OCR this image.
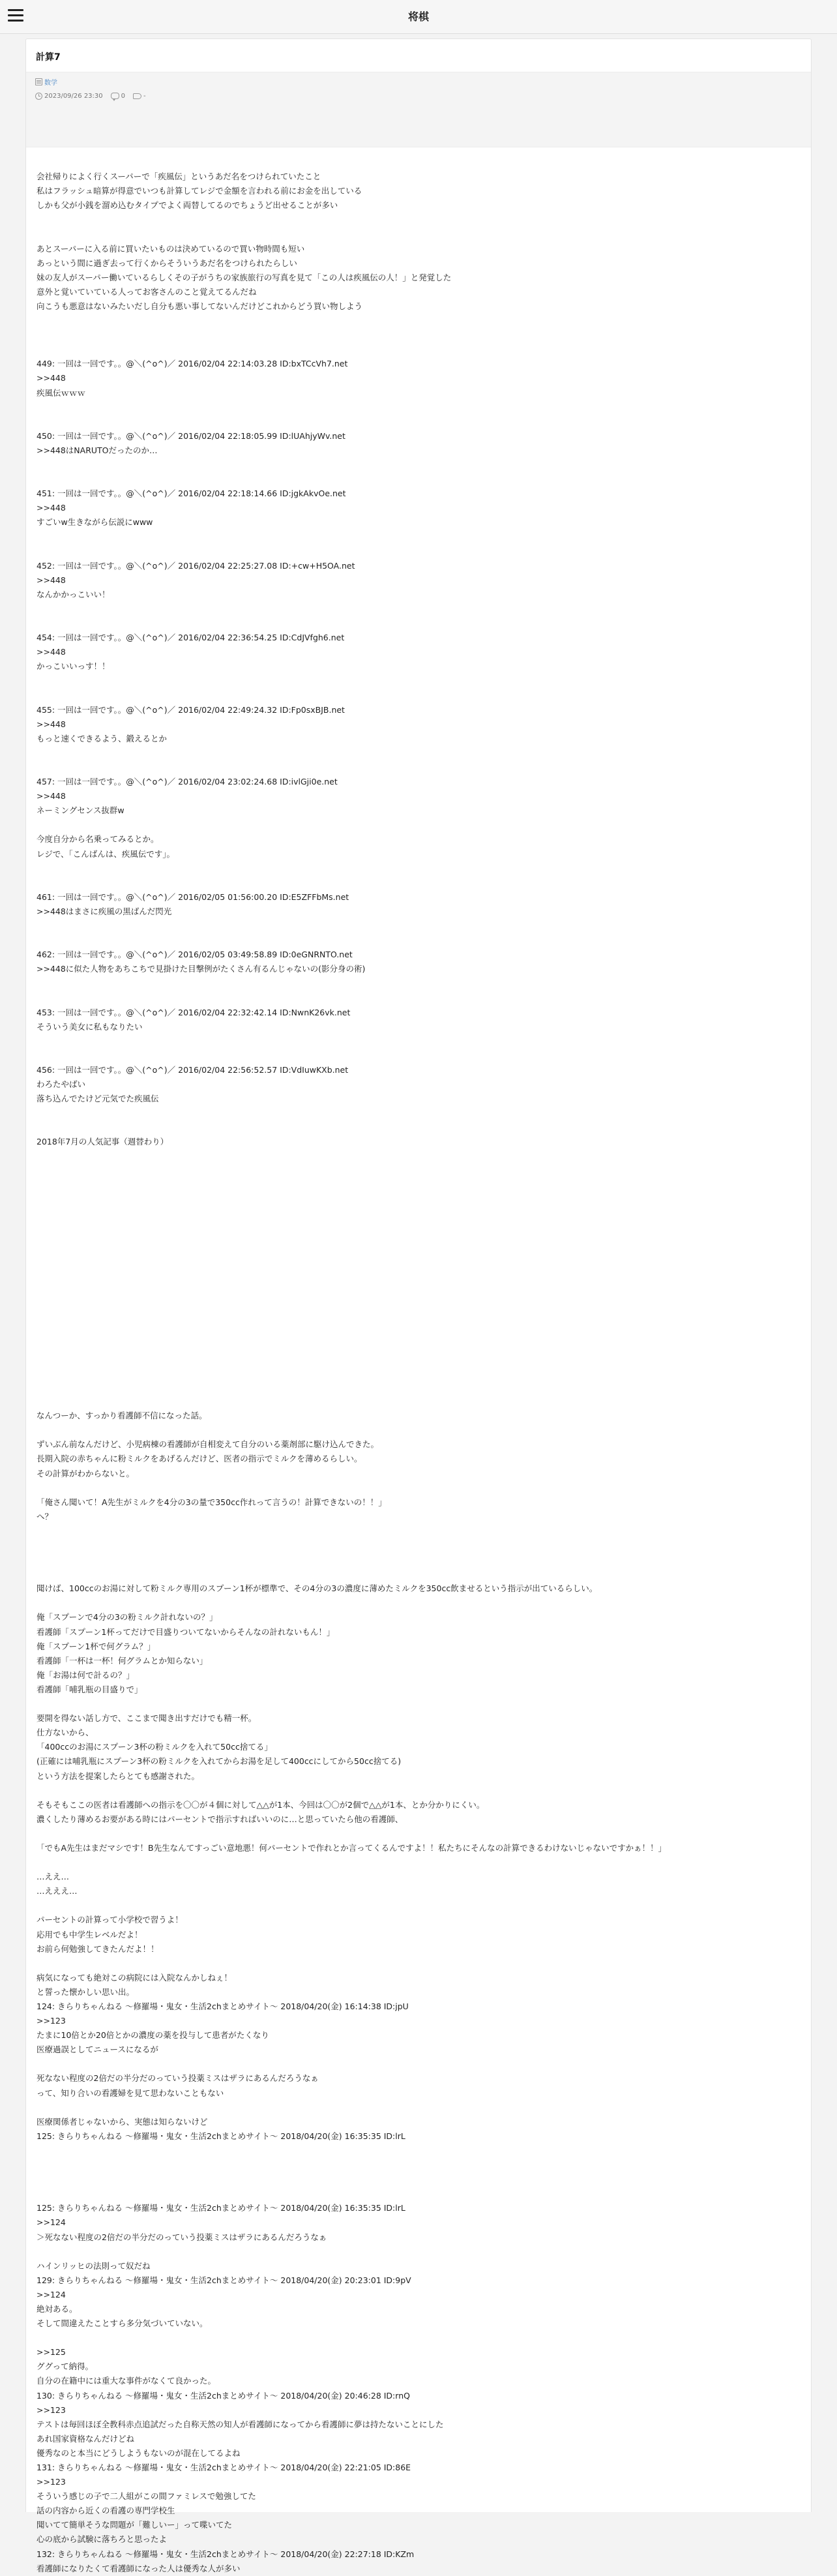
将棋
計算7
数学
2023/09/26 23:30	0	-

会社帰りによく行くスーパーで「疾風伝」というあだ名をつけられていたこと
私はフラッシュ暗算が得意でいつも計算してレジで金額を言われる前にお金を出している
しかも父が小銭を溜め込むタイプでよく両替してるのでちょうど出せることが多い

あとスーパーに入る前に買いたいものは決めているので買い物時間も短い
あっという間に過ぎ去って行くからそういうあだ名をつけられたらしい
妹の友人がスーパー働いているらしくその子がうちの家族旅行の写真を見て「この人は疾風伝の人！」と発覚した
意外と覚いていている人ってお客さんのこと覚えてるんだね
向こうも悪意はないみたいだし自分も悪い事してないんだけどこれからどう買い物しよう

449: 一回は一回です。。@＼(^o^)／ 2016/02/04 22:14:03.28 ID:bxTCcVh7.net
>>448
疾風伝ｗｗｗ

450: 一回は一回です。。@＼(^o^)／ 2016/02/04 22:18:05.99 ID:lUAhjyWv.net
>>448はNARUTOだったのか…

451: 一回は一回です。。@＼(^o^)／ 2016/02/04 22:18:14.66 ID:jgkAkvOe.net
>>448
すごいw生きながら伝説にwww

452: 一回は一回です。。@＼(^o^)／ 2016/02/04 22:25:27.08 ID:+cw+H5OA.net
>>448
なんかかっこいい！

454: 一回は一回です。。@＼(^o^)／ 2016/02/04 22:36:54.25 ID:CdJVfgh6.net
>>448
かっこいいっす！！

455: 一回は一回です。。@＼(^o^)／ 2016/02/04 22:49:24.32 ID:Fp0sxBJB.net
>>448
もっと速くできるよう、鍛えるとか

457: 一回は一回です。。@＼(^o^)／ 2016/02/04 23:02:24.68 ID:ivlGji0e.net
>>448
ネーミングセンス抜群w

今度自分から名乗ってみるとか。
レジで、「こんばんは、疾風伝です」。

461: 一回は一回です。。@＼(^o^)／ 2016/02/05 01:56:00.20 ID:E5ZFFbMs.net
>>448はまさに疾風の黒ばんだ閃光

462: 一回は一回です。。@＼(^o^)／ 2016/02/05 03:49:58.89 ID:0eGNRNTO.net
>>448に似た人物をあちこちで見掛けた目撃例がたくさん有るんじゃないの(影分身の術)

453: 一回は一回です。。@＼(^o^)／ 2016/02/04 22:32:42.14 ID:NwnK26vk.net
そういう美女に私もなりたい

456: 一回は一回です。。@＼(^o^)／ 2016/02/04 22:56:52.57 ID:VdIuwKXb.net
わろたやばい
落ち込んでたけど元気でた疾風伝

2018年7月の人気記事（週替わり）

なんつーか、すっかり看護師不信になった話。

ずいぶん前なんだけど、小児病棟の看護師が自相変えて自分のいる薬剤部に駆け込んできた。
長期入院の赤ちゃんに粉ミルクをあげるんだけど、医者の指示でミルクを薄めるらしい。
その計算がわからないと。

「俺さん聞いて！A先生がミルクを4分の3の量で350cc作れって言うの！計算できないの！！」
へ？

聞けば、100ccのお湯に対して粉ミルク専用のスプーン1杯が標準で、その4分の3の濃度に薄めたミルクを350cc飲ませるという指示が出ているらしい。

俺「スプーンで4分の3の粉ミルク計れないの？」
看護師「スプーン1杯ってだけで目盛りついてないからそんなの計れないもん！」
俺「スプーン1杯で何グラム？」
看護師「一杯は一杯！何グラムとか知らない」
俺「お湯は何で計るの？」
看護師「哺乳瓶の目盛りで」

要開を得ない話し方で、ここまで聞き出すだけでも精一杯。
仕方ないから、
「400ccのお湯にスプーン3杯の粉ミルクを入れて50cc捨てる」
(正確には哺乳瓶にスプーン3杯の粉ミルクを入れてからお湯を足して400ccにしてから50cc捨てる)
という方法を提案したらとても感謝された。

そもそもここの医者は看護師への指示を〇〇が４個に対して△△が1本、今回は〇〇が2個で△△が1本、とか分かりにくい。
濃くしたり薄めるお要がある時にはパーセントで指示すればいいのに…と思っていたら他の看護師、

「でもA先生はまだマシです！B先生なんてすっごい意地悪！何パーセントで作れとか言ってくるんですよ！！私たちにそんなの計算できるわけないじゃないですかぁ！！」

…ええ…
…えええ…

パーセントの計算って小学校で習うよ！
応用でも中学生レベルだよ！
お前ら何勉強してきたんだよ！！

病気になっても絶対この病院には入院なんかしねぇ！
と誓った懐かしい思い出。
124: きらりちゃんねる ～修羅場・鬼女・生活2chまとめサイト～ 2018/04/20(金) 16:14:38 ID:jpU
>>123
たまに10倍とか20倍とかの濃度の薬を投与して患者がたくなり
医療過誤としてニュースになるが

死なない程度の2倍だの半分だのっていう投薬ミスはザラにあるんだろうなぁ
って、知り合いの看護婦を見て思わないこともない

医療関係者じゃないから、実態は知らないけど
125: きらりちゃんねる ～修羅場・鬼女・生活2chまとめサイト～ 2018/04/20(金) 16:35:35 ID:lrL

125: きらりちゃんねる ～修羅場・鬼女・生活2chまとめサイト～ 2018/04/20(金) 16:35:35 ID:lrL
>>124
＞死なない程度の2倍だの半分だのっていう投薬ミスはザラにあるんだろうなぁ

ハインリッヒの法則って奴だね
129: きらりちゃんねる ～修羅場・鬼女・生活2chまとめサイト～ 2018/04/20(金) 20:23:01 ID:9pV
>>124
絶対ある。
そして間違えたことすら多分気づいていない。

>>125
ググって納得。
自分の在籍中には重大な事件がなくて良かった。
130: きらりちゃんねる ～修羅場・鬼女・生活2chまとめサイト～ 2018/04/20(金) 20:46:28 ID:rnQ
>>123
テストは毎回ほぼ全教科赤点追試だった自称天然の知人が看護師になってから看護師に夢は持たないことにした
あれ国家資格なんだけどね
優秀なのと本当にどうしようもないのが混在してるよね
131: きらりちゃんねる ～修羅場・鬼女・生活2chまとめサイト～ 2018/04/20(金) 22:21:05 ID:86E
>>123
そういう感じの子で二人組がこの間ファミレスで勉強してた
話の内容から近くの看護の専門学校生
聞いてて簡単そうな問題が「難しいー」って喋いてた
心の底から試験に落ちろと思ったよ
132: きらりちゃんねる ～修羅場・鬼女・生活2chまとめサイト～ 2018/04/20(金) 22:27:18 ID:KZm
看護師になりたくて看護師になった人は優秀な人が多い
